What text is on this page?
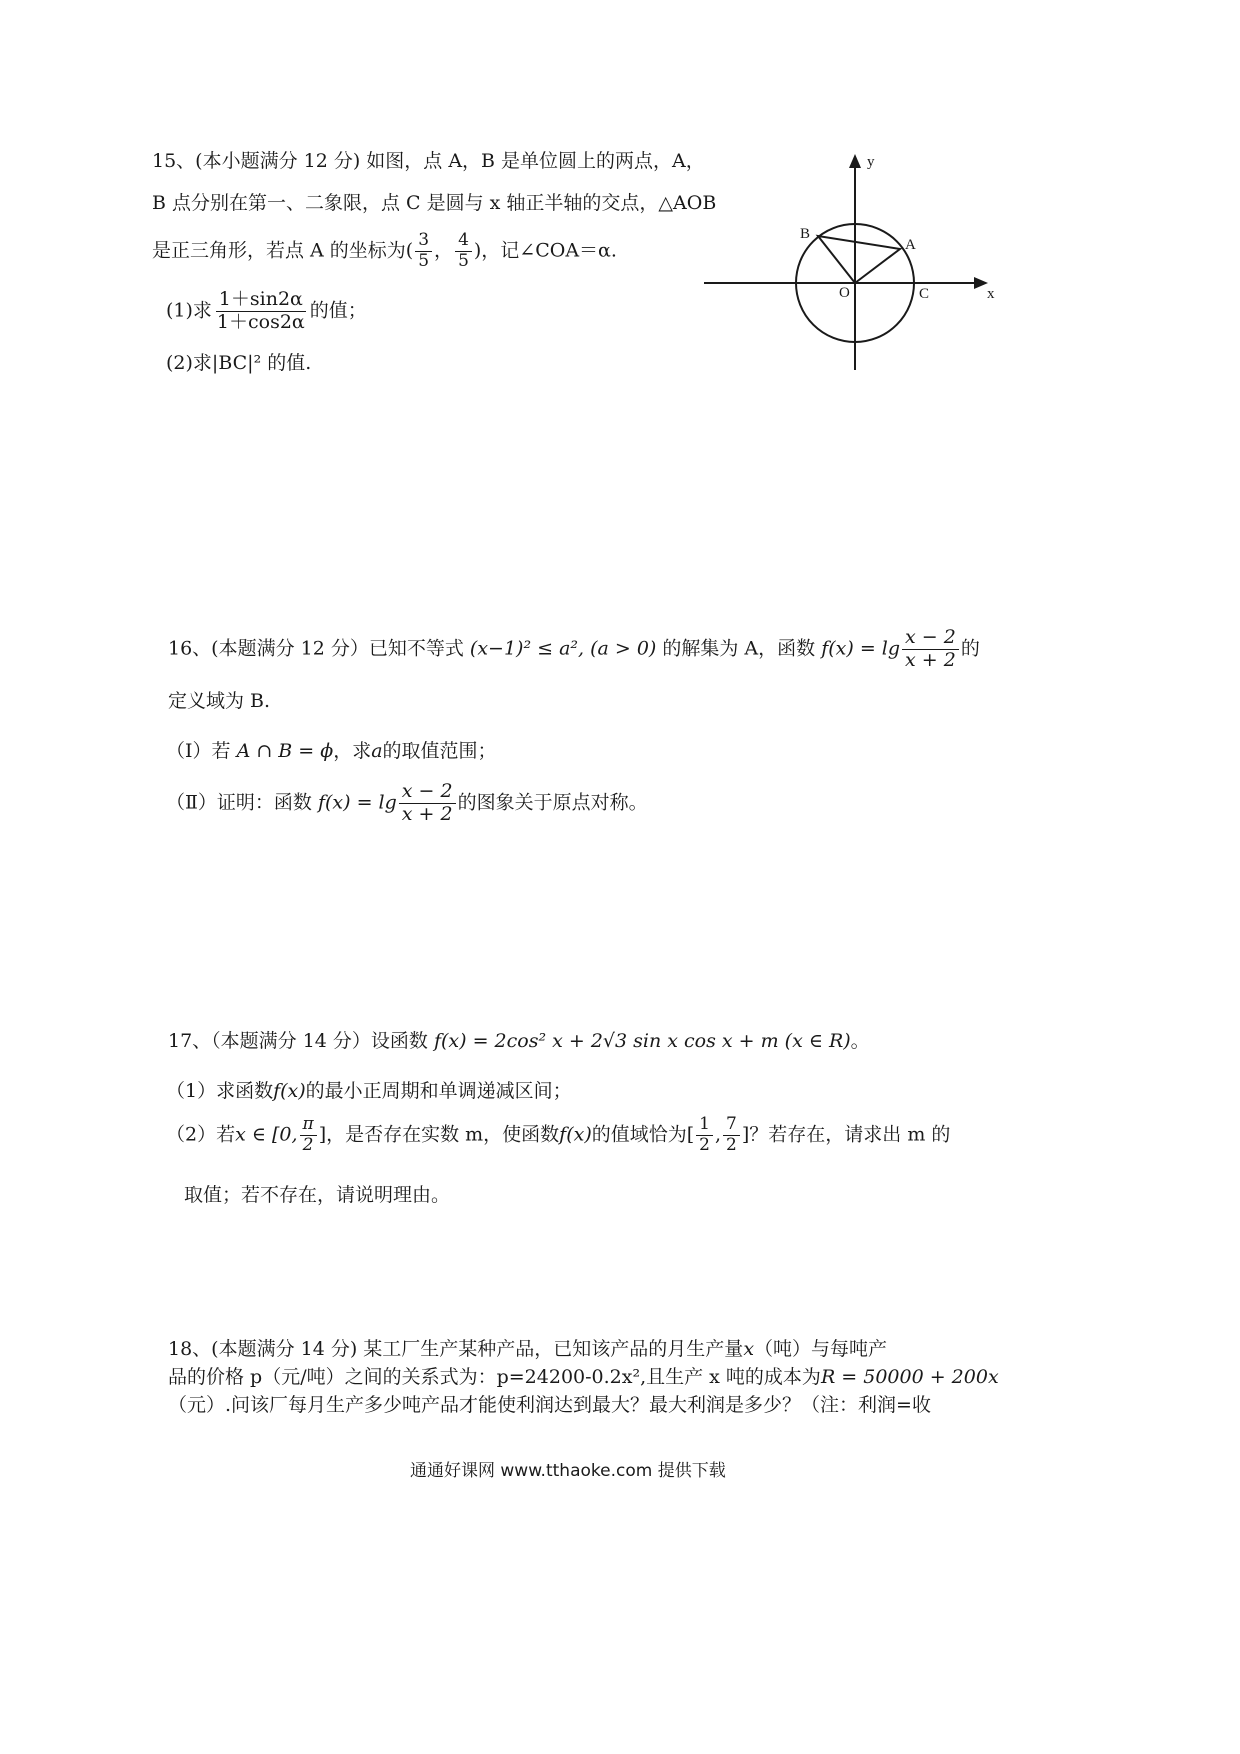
15、(本小题满分 12 分) 如图，点 A，B 是单位圆上的两点，A，
B 点分别在第一、二象限，点 C 是圆与 x 轴正半轴的交点，△AOB
是正三角形，若点 A 的坐标为( $\frac{3}{5}$ ， $\frac{4}{5}$ )，记∠COA＝α.
(1)求 $\frac{1+\sin 2\alpha}{1+\cos 2\alpha}$ 的值；
(2)求|BC|² 的值.
y
x
O
A
B
C
16、(本题满分 12 分）已知不等式 (x−1)² ≤ a², (a > 0) 的解集为 A，函数 $f(x) = \lg \frac{x - 2}{x + 2}$ 的
定义域为 B.
（Ⅰ）若 A ∩ B = ϕ，求a的取值范围；
（Ⅱ）证明：函数 $f(x) = \lg \frac{x - 2}{x + 2}$ 的图象关于原点对称。
17、（本题满分 14 分）设函数 f(x) = 2cos² x + 2√3 sin x cos x + m (x ∈ R)。
（1）求函数f(x)的最小正周期和单调递减区间；
（2）若x ∈ [0, $\frac{\pi}{2}$ ]，是否存在实数 m，使函数f(x)的值域恰为[ $\frac{1}{2}$ , $\frac{7}{2}$ ]？若存在，请求出 m 的
取值；若不存在，请说明理由。
18、(本题满分 14 分) 某工厂生产某种产品，已知该产品的月生产量x（吨）与每吨产
品的价格 p（元/吨）之间的关系式为：p=24200-0.2x²,且生产 x 吨的成本为R = 50000 + 200x
（元）.问该厂每月生产多少吨产品才能使利润达到最大？最大利润是多少？（注：利润=收
通通好课网 www.tthaoke.com 提供下载
